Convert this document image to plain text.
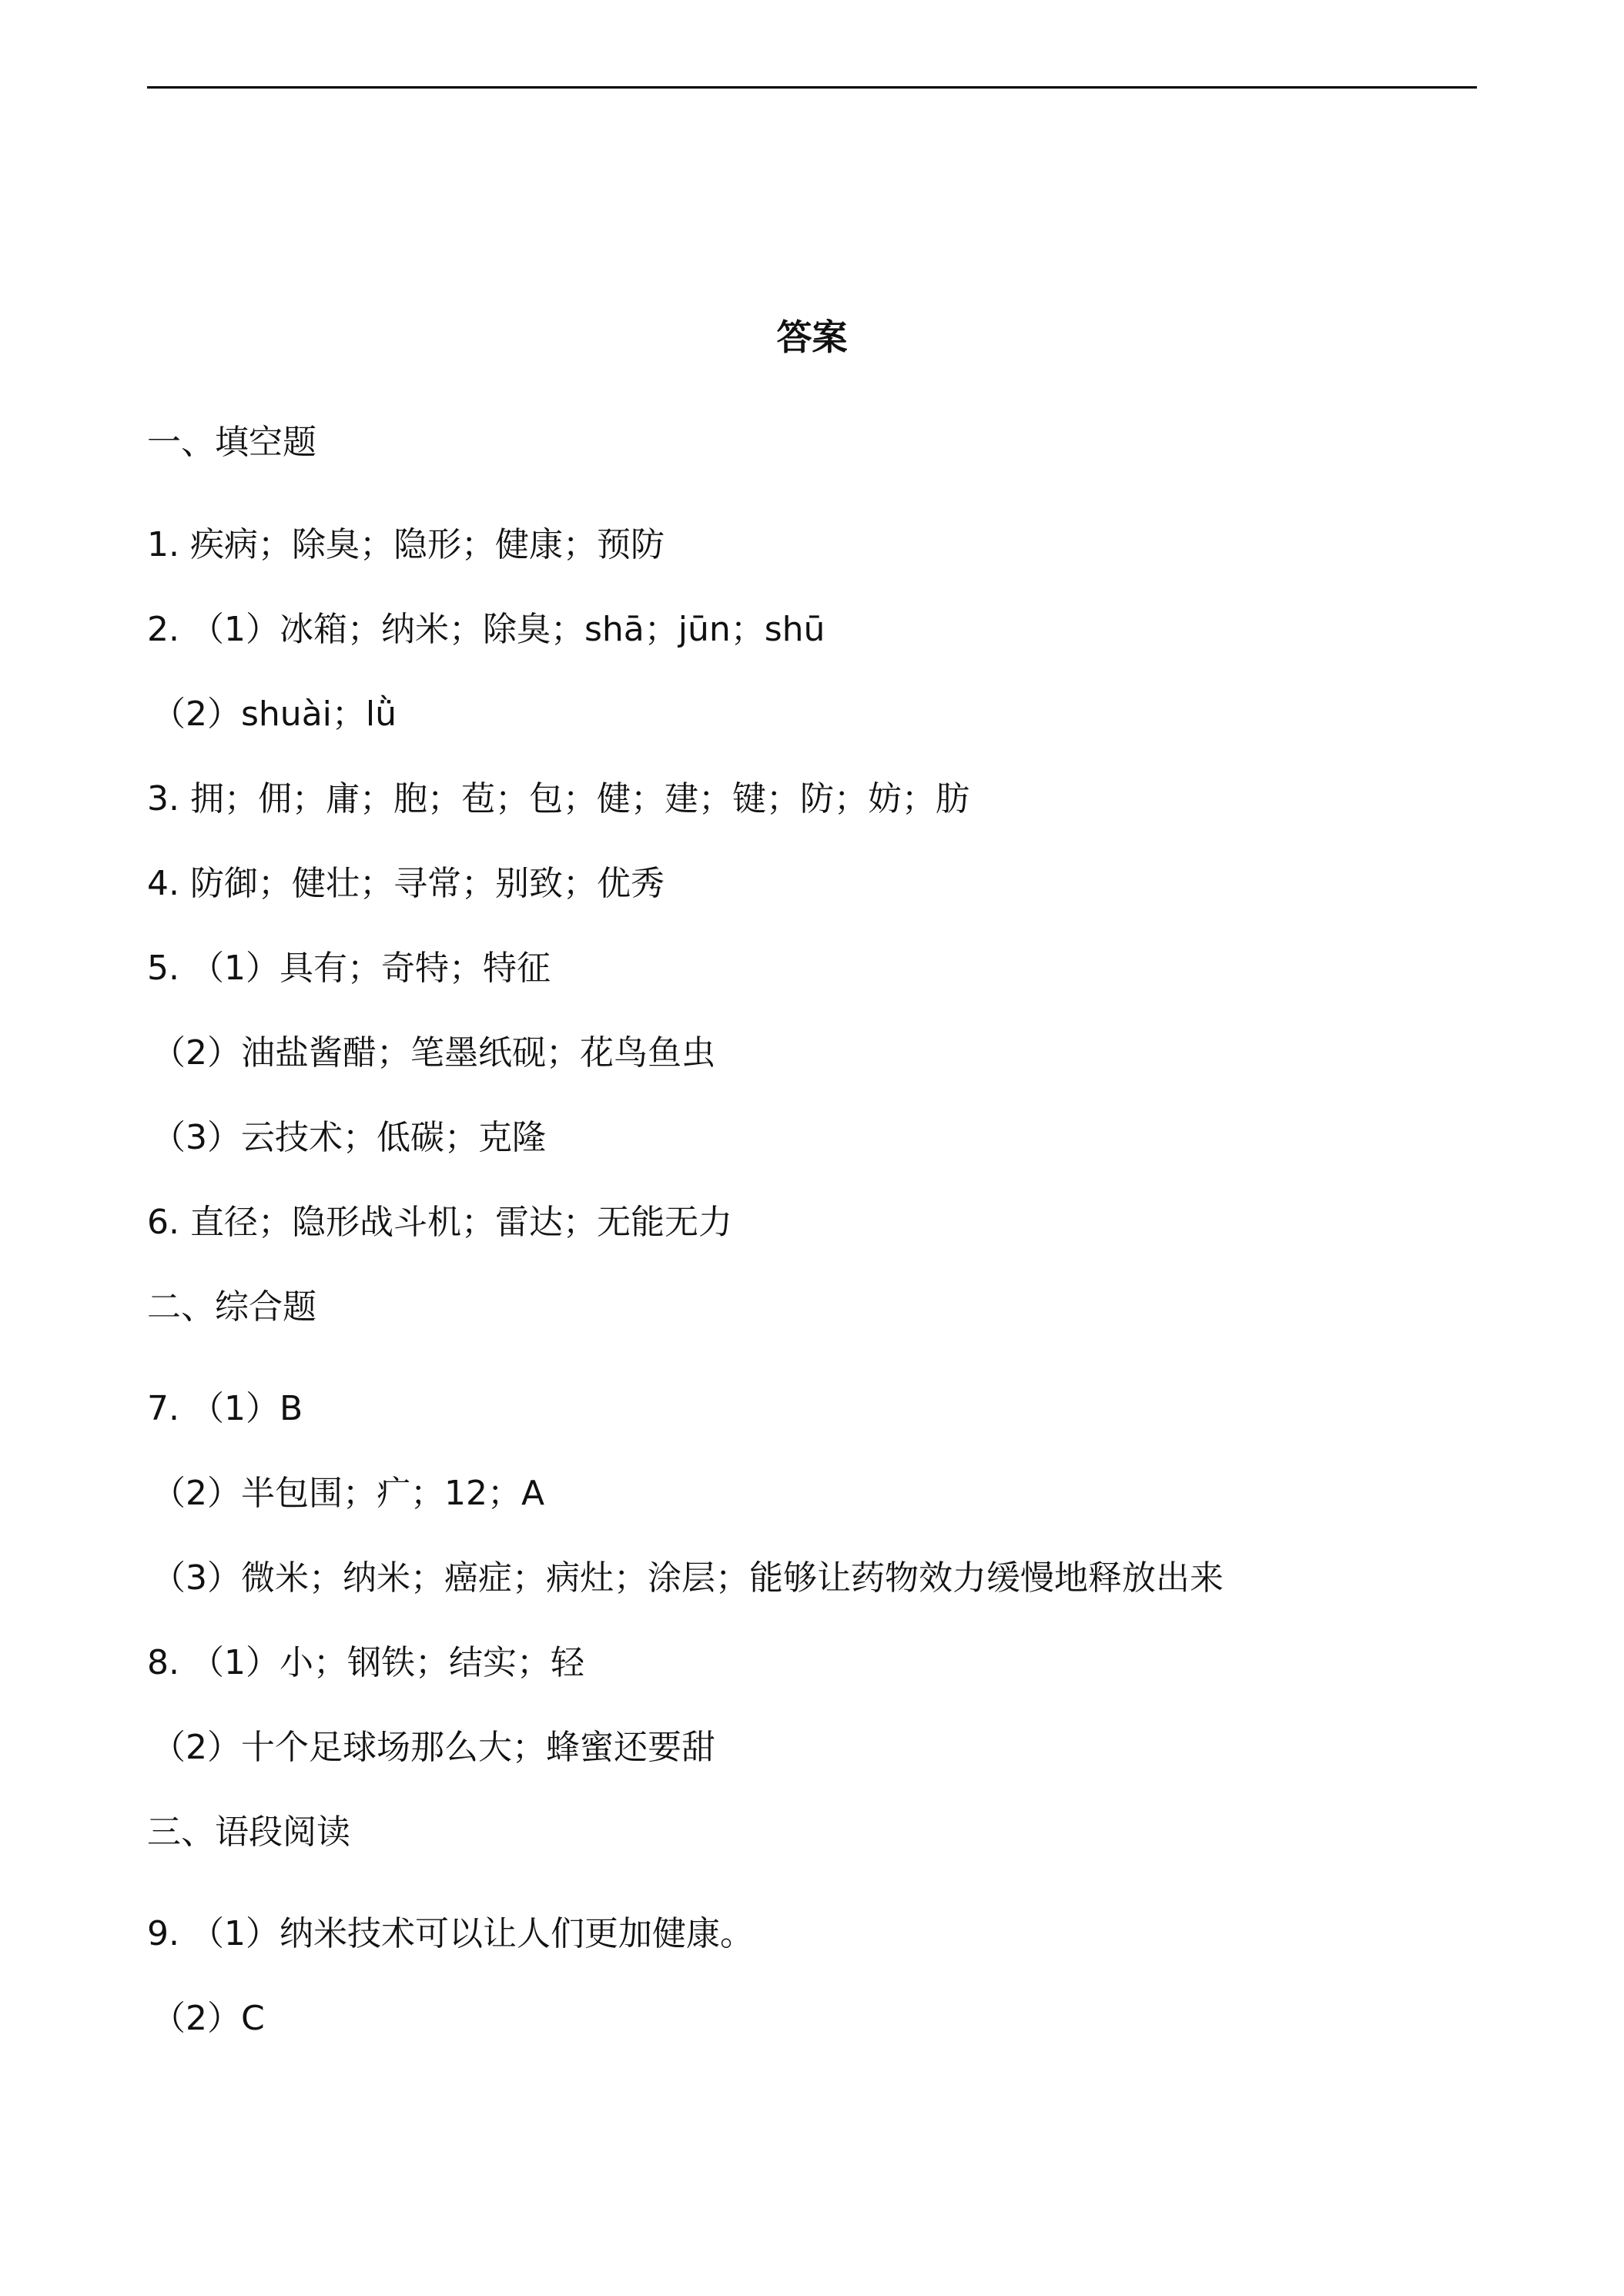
答案

一、填空题

1. 疾病；除臭；隐形；健康；预防

2. （1）冰箱；纳米；除臭；shā；jūn；shū

（2）shuài；lǜ

3. 拥；佣；庸；胞；苞；包；健；建；键；防；妨；肪

4. 防御；健壮；寻常；别致；优秀

5. （1）具有；奇特；特征

（2）油盐酱醋；笔墨纸砚；花鸟鱼虫

（3）云技术；低碳；克隆

6. 直径；隐形战斗机；雷达；无能无力

二、综合题

7. （1）B

（2）半包围；疒；12；A

（3）微米；纳米；癌症；病灶；涂层；能够让药物效力缓慢地释放出来

8. （1）小；钢铁；结实；轻

（2）十个足球场那么大；蜂蜜还要甜

三、语段阅读

9. （1）纳米技术可以让人们更加健康。

（2）C
